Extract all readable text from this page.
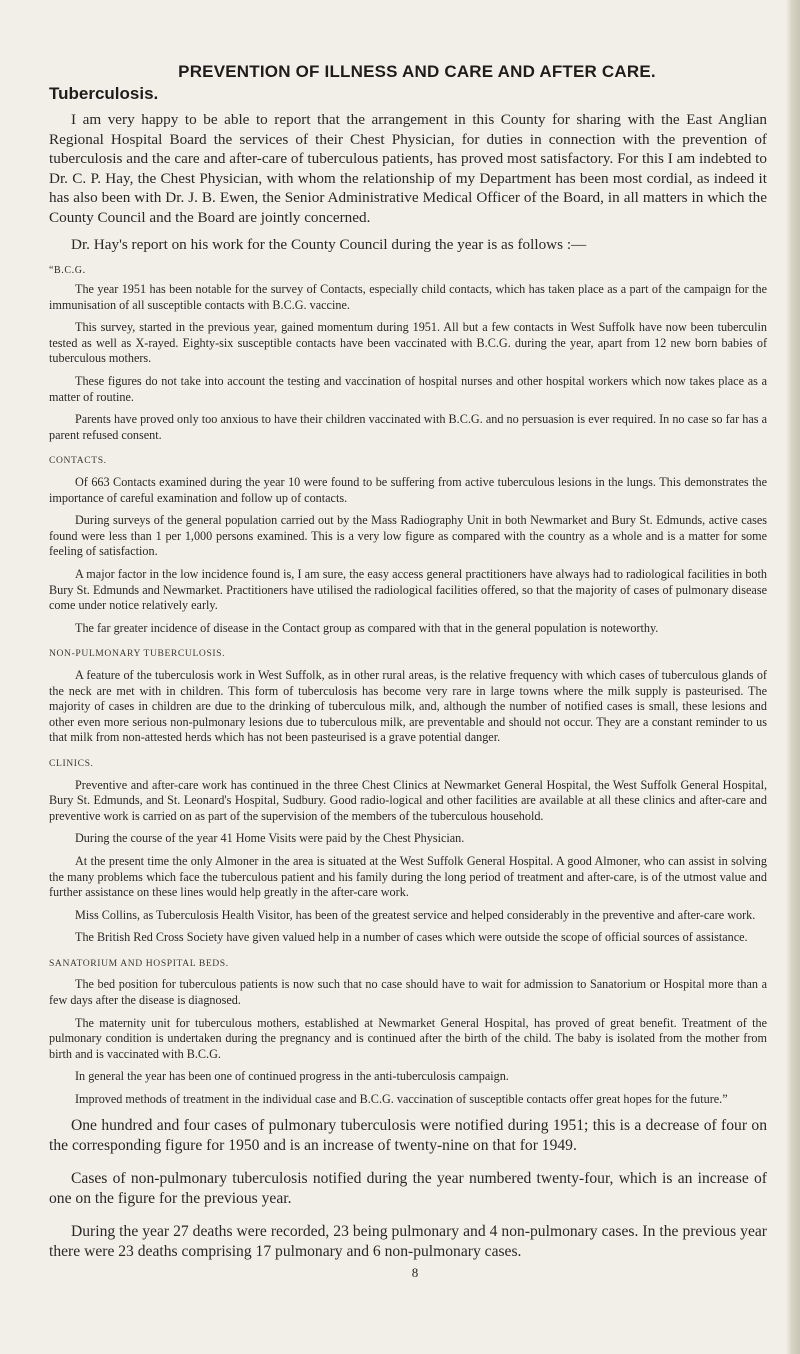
PREVENTION OF ILLNESS AND CARE AND AFTER CARE.
Tuberculosis.

I am very happy to be able to report that the arrangement in this County for sharing with the East Anglian Regional Hospital Board the services of their Chest Physician, for duties in connection with the prevention of tuberculosis and the care and after-care of tuberculous patients, has proved most satisfactory. For this I am indebted to Dr. C. P. Hay, the Chest Physician, with whom the relationship of my Department has been most cordial, as indeed it has also been with Dr. J. B. Ewen, the Senior Administrative Medical Officer of the Board, in all matters in which the County Council and the Board are jointly concerned.

Dr. Hay's report on his work for the County Council during the year is as follows :—

“B.C.G.

The year 1951 has been notable for the survey of Contacts, especially child contacts, which has taken place as a part of the campaign for the immunisation of all susceptible contacts with B.C.G. vaccine.

This survey, started in the previous year, gained momentum during 1951. All but a few contacts in West Suffolk have now been tuberculin tested as well as X-rayed. Eighty-six susceptible contacts have been vaccinated with B.C.G. during the year, apart from 12 new born babies of tuberculous mothers.

These figures do not take into account the testing and vaccination of hospital nurses and other hospital workers which now takes place as a matter of routine.

Parents have proved only too anxious to have their children vaccinated with B.C.G. and no persuasion is ever required. In no case so far has a parent refused consent.

CONTACTS.

Of 663 Contacts examined during the year 10 were found to be suffering from active tuberculous lesions in the lungs. This demonstrates the importance of careful examination and follow up of contacts.

During surveys of the general population carried out by the Mass Radiography Unit in both Newmarket and Bury St. Edmunds, active cases found were less than 1 per 1,000 persons examined. This is a very low figure as compared with the country as a whole and is a matter for some feeling of satisfaction.

A major factor in the low incidence found is, I am sure, the easy access general practitioners have always had to radiological facilities in both Bury St. Edmunds and Newmarket. Practitioners have utilised the radiological facilities offered, so that the majority of cases of pulmonary disease come under notice relatively early.

The far greater incidence of disease in the Contact group as compared with that in the general population is noteworthy.

NON-PULMONARY TUBERCULOSIS.

A feature of the tuberculosis work in West Suffolk, as in other rural areas, is the relative frequency with which cases of tuberculous glands of the neck are met with in children. This form of tuberculosis has become very rare in large towns where the milk supply is pasteurised. The majority of cases in children are due to the drinking of tuberculous milk, and, although the number of notified cases is small, these lesions and other even more serious non-pulmonary lesions due to tuberculous milk, are preventable and should not occur. They are a constant reminder to us that milk from non-attested herds which has not been pasteurised is a grave potential danger.

CLINICS.

Preventive and after-care work has continued in the three Chest Clinics at Newmarket General Hospital, the West Suffolk General Hospital, Bury St. Edmunds, and St. Leonard's Hospital, Sudbury. Good radio-logical and other facilities are available at all these clinics and after-care and preventive work is carried on as part of the supervision of the members of the tuberculous household.

During the course of the year 41 Home Visits were paid by the Chest Physician.

At the present time the only Almoner in the area is situated at the West Suffolk General Hospital. A good Almoner, who can assist in solving the many problems which face the tuberculous patient and his family during the long period of treatment and after-care, is of the utmost value and further assistance on these lines would help greatly in the after-care work.

Miss Collins, as Tuberculosis Health Visitor, has been of the greatest service and helped considerably in the preventive and after-care work.

The British Red Cross Society have given valued help in a number of cases which were outside the scope of official sources of assistance.

SANATORIUM AND HOSPITAL BEDS.

The bed position for tuberculous patients is now such that no case should have to wait for admission to Sanatorium or Hospital more than a few days after the disease is diagnosed.

The maternity unit for tuberculous mothers, established at Newmarket General Hospital, has proved of great benefit. Treatment of the pulmonary condition is undertaken during the pregnancy and is continued after the birth of the child. The baby is isolated from the mother from birth and is vaccinated with B.C.G.

In general the year has been one of continued progress in the anti-tuberculosis campaign.

Improved methods of treatment in the individual case and B.C.G. vaccination of susceptible contacts offer great hopes for the future.”

One hundred and four cases of pulmonary tuberculosis were notified during 1951; this is a decrease of four on the corresponding figure for 1950 and is an increase of twenty-nine on that for 1949.

Cases of non-pulmonary tuberculosis notified during the year numbered twenty-four, which is an increase of one on the figure for the previous year.

During the year 27 deaths were recorded, 23 being pulmonary and 4 non-pulmonary cases. In the previous year there were 23 deaths comprising 17 pulmonary and 6 non-pulmonary cases.

8
